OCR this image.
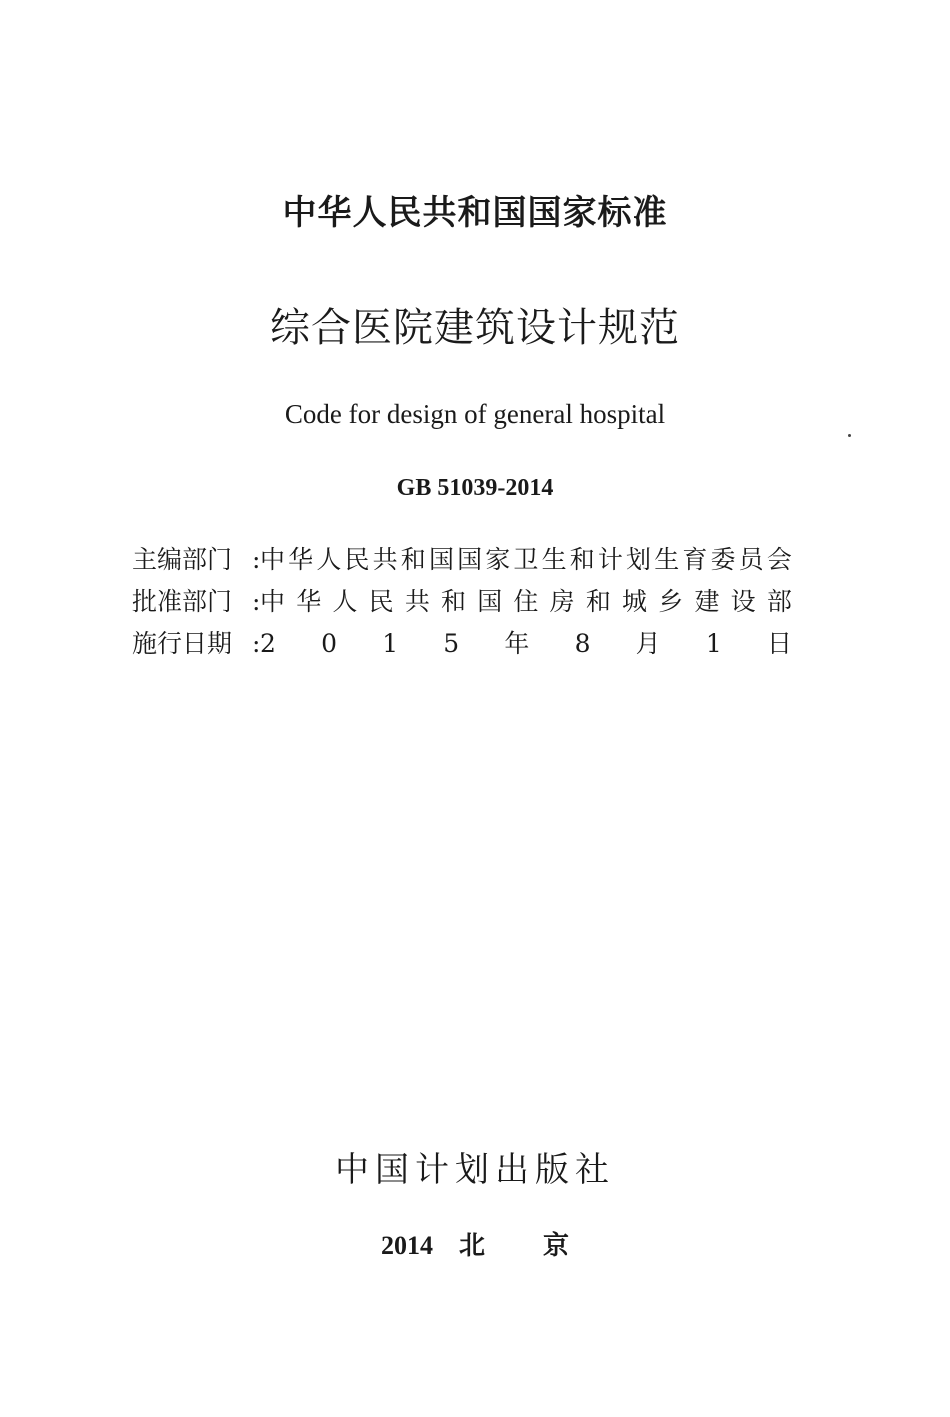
中华人民共和国国家标准
综合医院建筑设计规范
Code for design of general hospital
GB 51039-2014
主编部门 : 中 华 人 民 共 和 国 国 家 卫 生 和 计 划 生 育 委 员 会
批准部门 : 中 华 人 民 共 和 国 住 房 和 城 乡 建 设 部
施行日期 : 2 0 1 5 年 8 月 1 日
中国计划出版社
2014 北京
